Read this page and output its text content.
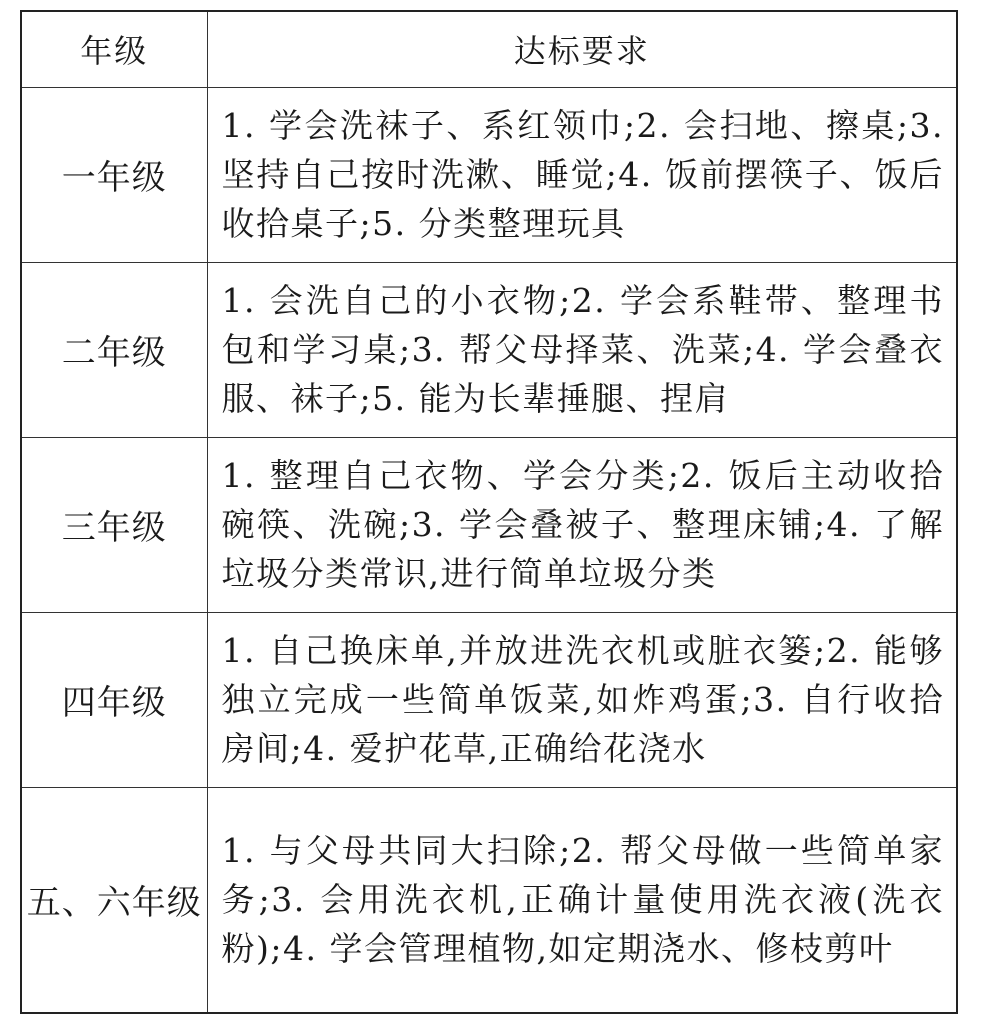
年级	达标要求
一年级	1. 学会洗袜子、系红领巾;2. 会扫地、擦桌;3. 坚持自己按时洗漱、睡觉;4. 饭前摆筷子、饭后收拾桌子;5. 分类整理玩具
二年级	1. 会洗自己的小衣物;2. 学会系鞋带、整理书包和学习桌;3. 帮父母择菜、洗菜;4. 学会叠衣服、袜子;5. 能为长辈捶腿、捏肩
三年级	1. 整理自己衣物、学会分类;2. 饭后主动收拾碗筷、洗碗;3. 学会叠被子、整理床铺;4. 了解垃圾分类常识,进行简单垃圾分类
四年级	1. 自己换床单,并放进洗衣机或脏衣篓;2. 能够独立完成一些简单饭菜,如炸鸡蛋;3. 自行收拾房间;4. 爱护花草,正确给花浇水
五、六年级	1. 与父母共同大扫除;2. 帮父母做一些简单家务;3. 会用洗衣机,正确计量使用洗衣液(洗衣粉);4. 学会管理植物,如定期浇水、修枝剪叶
